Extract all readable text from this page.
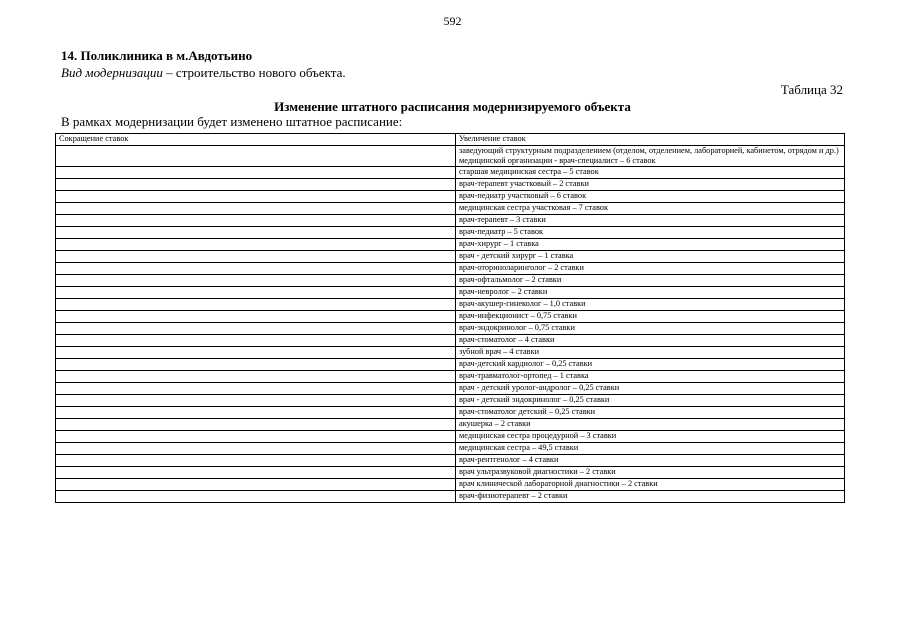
592
14. Поликлиника в м.Авдотьино
Вид модернизации – строительство нового объекта.
Таблица 32
Изменение штатного расписания модернизируемого объекта
В рамках модернизации будет изменено штатное расписание:
Сокращение ставок	Увеличение ставок
	заведующий структурным подразделением (отделом, отделением, лабораторией, кабинетом, отрядом и др.) медицинской организации - врач-специалист – 6 ставок
	старшая медицинская сестра – 5 ставок
	врач-терапевт участковый – 2 ставки
	врач-педиатр участковый – 6 ставок
	медицинская сестра участковая – 7 ставок
	врач-терапевт – 3 ставки
	врач-педиатр – 5 ставок
	врач-хирург – 1 ставка
	врач - детский хирург – 1 ставка
	врач-оториноларинголог – 2 ставки
	врач-офтальмолог – 2 ставки
	врач-невролог – 2 ставки
	врач-акушер-гинеколог – 1,0 ставки
	врач-инфекционист – 0,75 ставки
	врач-эндокринолог – 0,75 ставки
	врач-стоматолог – 4 ставки
	зубной врач – 4 ставки
	врач-детский кардиолог – 0,25 ставки
	врач-травматолог-ортопед – 1 ставка
	врач - детский уролог-андролог – 0,25 ставки
	врач - детский эндокринолог – 0,25 ставки
	врач-стоматолог детский – 0,25 ставки
	акушерка – 2 ставки
	медицинская сестра процедурной – 3 ставки
	медицинская сестра – 49,5 ставки
	врач-рентгенолог – 4 ставки
	врач ультразвуковой диагностики – 2 ставки
	врач клинической лабораторной диагностики – 2 ставки
	врач-физиотерапевт – 2 ставки
